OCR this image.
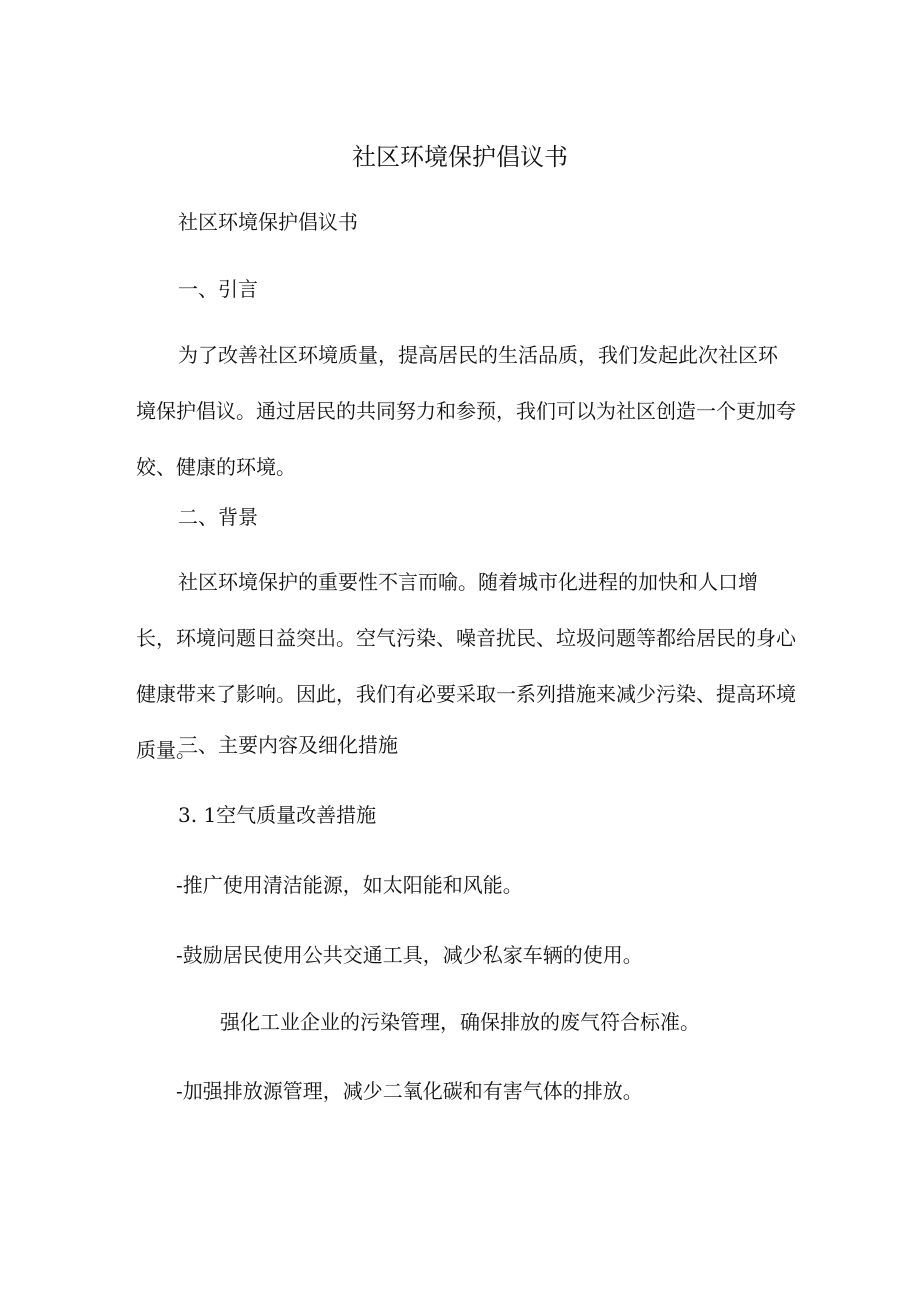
社区环境保护倡议书

社区环境保护倡议书

一、引言

为了改善社区环境质量，提高居民的生活品质，我们发起此次社区环境保护倡议。通过居民的共同努力和参预，我们可以为社区创造一个更加夸姣、健康的环境。

二、背景

社区环境保护的重要性不言而喻。随着城市化进程的加快和人口增长，环境问题日益突出。空气污染、噪音扰民、垃圾问题等都给居民的身心健康带来了影响。因此，我们有必要采取一系列措施来减少污染、提高环境质量。

三、主要内容及细化措施

3. 1空气质量改善措施

-推广使用清洁能源，如太阳能和风能。

-鼓励居民使用公共交通工具，减少私家车辆的使用。

强化工业企业的污染管理，确保排放的废气符合标准。

-加强排放源管理，减少二氧化碳和有害气体的排放。
